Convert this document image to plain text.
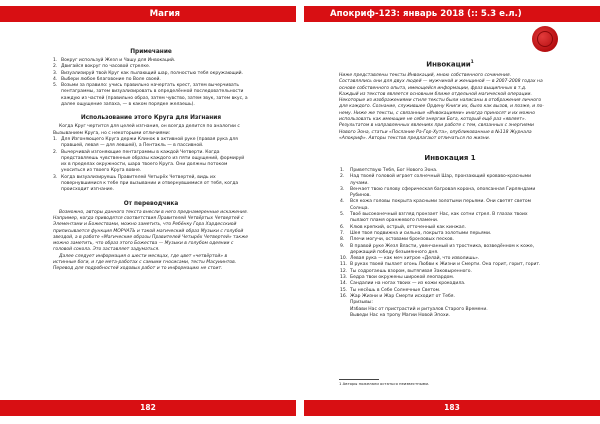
Магия
Примечание
1. Вокруг используй Жезл и Чашу для Инвокаций.
2. Двигайся вокруг по часовой стрелке.
3. Визуализируй твой Круг как пылающий шар, полностью тебя окружающий.
4. Выбери любое благовоние по Воле своей.
5. Возьми за правило: учись правильно начертать крест, затем вычерчивать пентаграммы, затем визуализировать в определённой последовательности каждую из частей (правильно образ, затем чувство, затем звук, затем вкус, а далее ощущение запаха, — в каком порядке желаешь).
Использование этого Круга для Изгнания

Когда Круг чертится для целей изгнания, он всегда делится по аналогии с Вызыванием Круга, но с некоторыми отличиями:

1. Для Изгоняющего Круга держи Клинок в активной руке (правая рука для правшей, левая — для левшей), а Пентакль — в пассивной.
2. Вычерчивай изгоняющие пентаграммы в каждой Четверти. Когда представляешь чувственные образы каждого из пяти ощущений, формируй их в пределах окружности, шара твоего Круга. Они должны потоком уноситься из твоего Круга вовне.
3. Когда визуализируешь Правителей Четырёх Четвертей, видь их повернувшимися к тебе при вызывании и отвернувшимися от тебя, когда происходит изгнание.
От переводчика

Возможно, авторы данного текста внесли в него преднамеренные искажения. Например, когда приводятся соответствия Правителей Четвёртых Четвертей с Элементами и Божествами, можно заметить, что Ребёнку Гора Хардесскиой приписывается функция МОРЧАТЬ и такой магический образ Музыки с голубой звездой, а в работе «Магические образы Правителей Четырёх Четвертей» также можно заметить, что образ этого Божества — Музыки в голубом одеянии с головой сокола. Это заставляет задуматься.

Далее следует информация о шести месяцах, где цвет «четвёртой» в истинные боги, и где мета-работах с самыми гносисами, тесты Масуиинтов. Перевод для подробностей ходовых работ и то информацию не стоит.

182
Апокриф-123: январь 2018 (:: 5.3 е.л.)
183
Инвокации$^1$

Ниже представлены тексты Инвокаций, мною собственного сочинения. Составлялись они для двух людей — мужчиной и женщиной — в 2007-2008 годах на основе собственного опыта, имеющейся информации, фраз выщипнных в т.д. Каждый из текстов является основным ближе отдельной магической операции. Некоторые из изображениями стиля тексты были написаны в отображения личного для каждого. Сознание, служившее Ордену Книги их, было как вызов, и позже, и по-нему. Ниже же тексты, с связанные «Инвокациями» иногда приносят и их можно использовать как имеющие не себя энергии Бога, который ещё раз «являет». Результатом в направленных явлениях при работе с тем, связанных с энергиями Нового Эона, статьи «Послание Ра-Гор-Хута», опубликованные в №118 Журнала «Апокриф». Авторы текстов предлагают отличаться по жизни.

Инвокация 1
1.	Приветствую Тебя, Бог Нового Эона.
2.	Над твоей головой играет солнечный Шар, пронзающий кроваво-красными лучами.
3.	Венчает твою голову сферическая багровая корона, опоясанная Гирляндами Рубинов.
4.	Вся кожа головы покрыта красными золотыми перьями. Они светят светом Солнца.
5.	Твоё высоконечный взгляд пронзает Нас, как сотни стрел. В глазах твоих пылают пламя оранжевого пламени.
6.	Клюв крепкий, острый, отточенный как кинжал.
7.	Шея твоя подвижна и сильна, покрыта золотыми перьями.
8.	Плечи могучи, остовами бронзовых песков.
9.	В правой руке Жезл Власти, увенчанный из тростника, возведённом к коже, держащий победу безымянного дня.
10. Левая рука — как меч хитрое «Делай, что изволишь».
11. В руках твоей пылает огонь Любви к Жизни и Смерти. Она горит, горит, горит.
12. Ты содрогаешь взором, вытягивая Заковыренного.
13. Бедра твои окружены широкой леопардом.
14. Сандалии на ногах твоих — из кожи крокодила.
15. Ты несёшь в Себе Солнечные Светом.
16. Жар Жизни и Жар Смерти исходит от Тебя.
Призывы:
Избави Нас от пристрастий и ритуалов Старого Времени.
Выведи Нас на тропу Магии Новой Эпохи.
1 Авторы пожелали остаться неизвестными.
